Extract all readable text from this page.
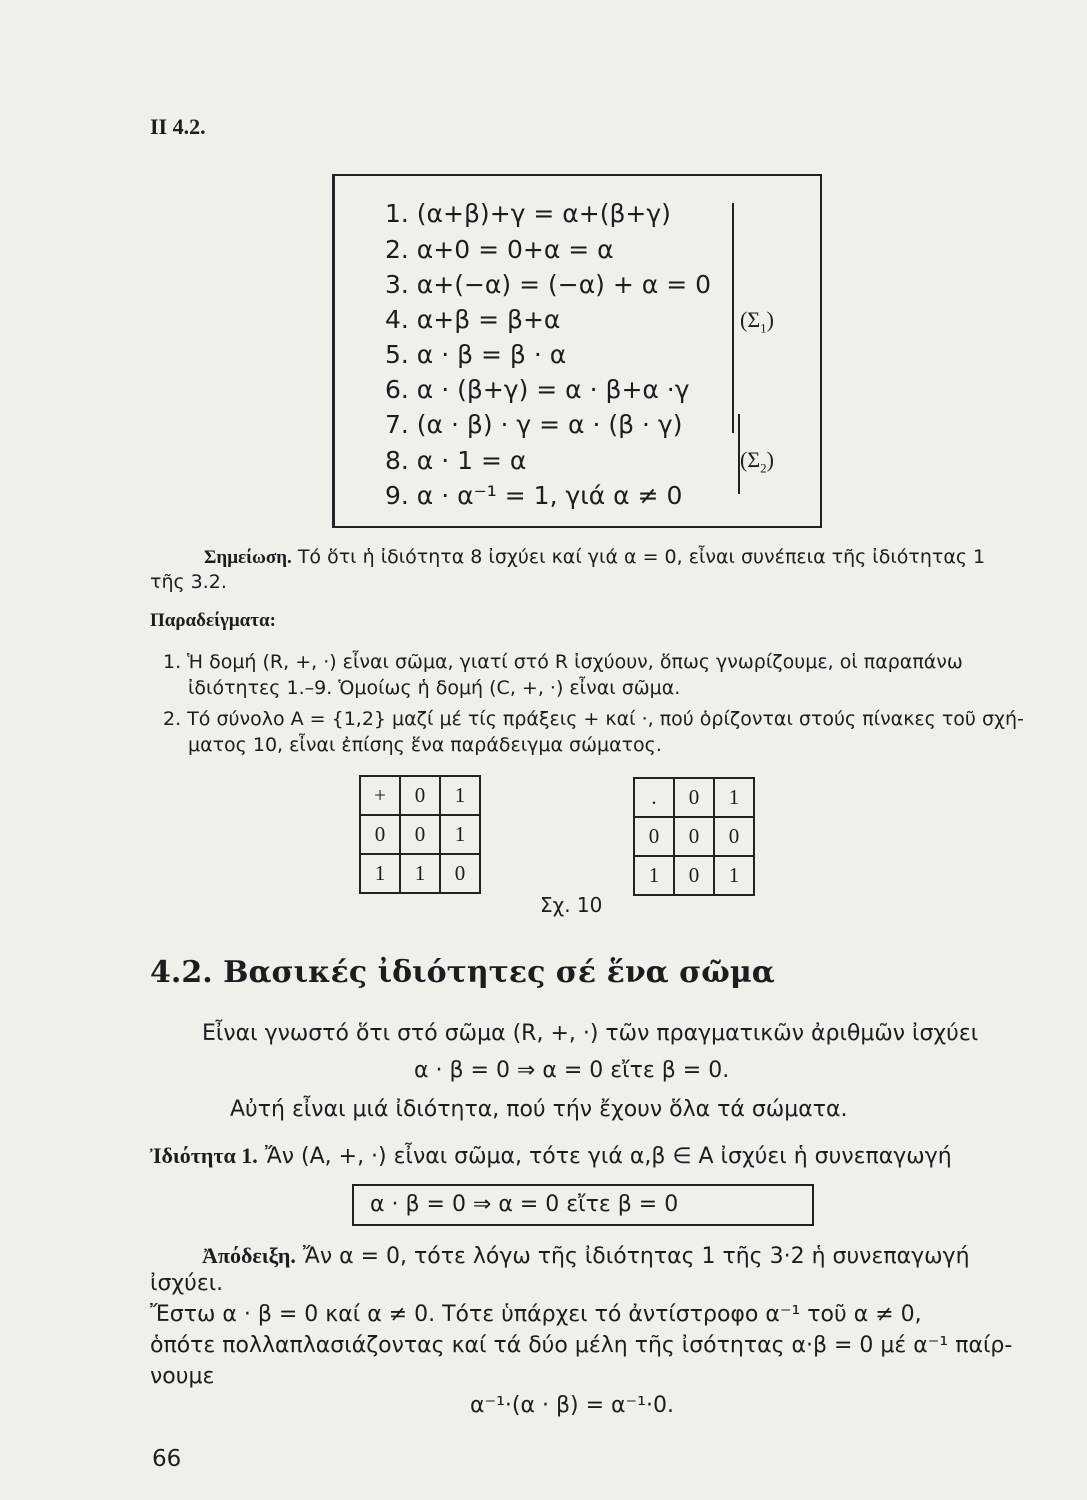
ΙΙ 4.2.
1. (α+β)+γ = α+(β+γ)
2. α+0 = 0+α = α
3. α+(−α) = (−α) + α = 0
4. α+β = β+α
5. α · β = β · α
6. α · (β+γ) = α · β+α ·γ
7. (α · β) · γ = α · (β · γ)
8. α · 1 = α
9. α · α⁻¹ = 1, γιά α ≠ 0
$(\Sigma_1)$
$(\Sigma_2)$
Σημείωση. Τό ὅτι ἡ ἰδιότητα 8 ἰσχύει καί γιά α = 0, εἶναι συνέπεια τῆς ἰδιότητας 1
τῆς 3.2.
Παραδείγματα:
1. Ἡ δομή (R, +, ·) εἶναι σῶμα, γιατί στό R ἰσχύουν, ὅπως γνωρίζουμε, οἱ παραπάνω
ἰδιότητες 1.–9. Ὁμοίως ἡ δομή (C, +, ·) εἶναι σῶμα.
2. Τό σύνολο A = {1,2} μαζί μέ τίς πράξεις + καί ·, πού ὁρίζονται στούς πίνακες τοῦ σχή-
ματος 10, εἶναι ἐπίσης ἕνα παράδειγμα σώματος.
+	0	1
0	0	1
1	1	0
.	0	1
0	0	0
1	0	1
Σχ. 10
4.2. Βασικές ἰδιότητες σέ ἕνα σῶμα
Εἶναι γνωστό ὅτι στό σῶμα (R, +, ·) τῶν πραγματικῶν ἀριθμῶν ἰσχύει
α · β = 0 ⇒ α = 0 εἴτε β = 0.
Αὐτή εἶναι μιά ἰδιότητα, πού τήν ἔχουν ὅλα τά σώματα.
Ἰδιότητα 1. Ἄν (A, +, ·) εἶναι σῶμα, τότε γιά α,β ∈ A ἰσχύει ἡ συνεπαγωγή
α · β = 0 ⇒ α = 0 εἴτε β = 0
Ἀπόδειξη. Ἄν α = 0, τότε λόγω τῆς ἰδιότητας 1 τῆς 3·2 ἡ συνεπαγωγή
ἰσχύει.
Ἔστω α · β = 0 καί α ≠ 0. Τότε ὑπάρχει τό ἀντίστροφο α⁻¹ τοῦ α ≠ 0,
ὁπότε πολλαπλασιάζοντας καί τά δύο μέλη τῆς ἰσότητας α·β = 0 μέ α⁻¹ παίρ-
νουμε
α⁻¹·(α · β) = α⁻¹·0.
66
